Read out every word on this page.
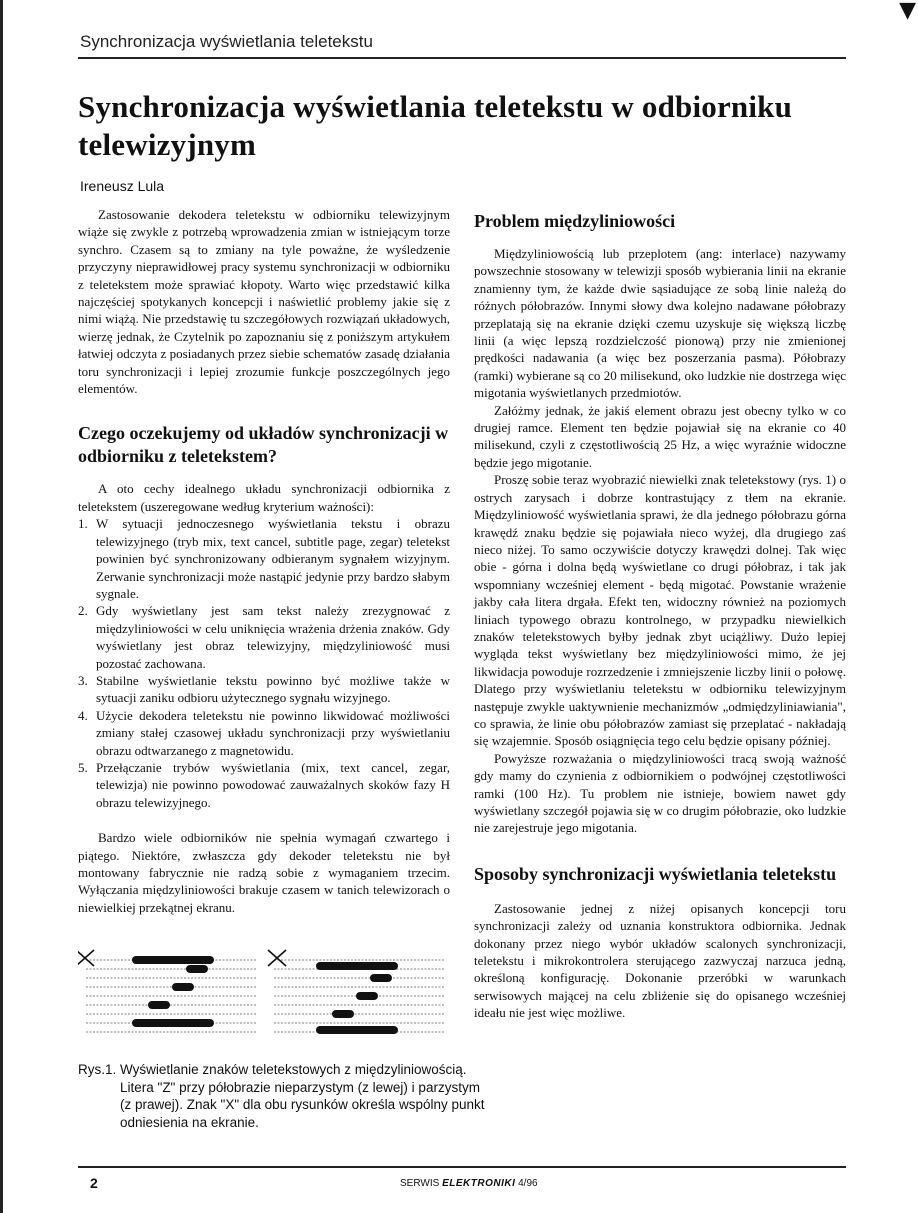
▼
Synchronizacja wyświetlania teletekstu
Synchronizacja wyświetlania teletekstu w odbiorniku telewizyjnym
Ireneusz Lula

Zastosowanie dekodera teletekstu w odbiorniku telewizyjnym wiąże się zwykle z potrzebą wprowadzenia zmian w istniejącym torze synchro. Czasem są to zmiany na tyle poważne, że wyśledzenie przyczyny nieprawidłowej pracy systemu synchronizacji w odbiorniku z teletekstem może sprawiać kłopoty. Warto więc przedstawić kilka najczęściej spotykanych koncepcji i naświetlić problemy jakie się z nimi wiążą. Nie przedstawię tu szczegółowych rozwiązań układowych, wierzę jednak, że Czytelnik po zapoznaniu się z poniższym artykułem łatwiej odczyta z posiadanych przez siebie schematów zasadę działania toru synchronizacji i lepiej zrozumie funkcje poszczególnych jego elementów.

Czego oczekujemy od układów synchronizacji w odbiorniku z teletekstem?

A oto cechy idealnego układu synchronizacji odbiornika z teletekstem (uszeregowane według kryterium ważności):

1. W sytuacji jednoczesnego wyświetlania tekstu i obrazu telewizyjnego (tryb mix, text cancel, subtitle page, zegar) teletekst powinien być synchronizowany odbieranym sygnałem wizyjnym. Zerwanie synchronizacji może nastąpić jedynie przy bardzo słabym sygnale.
2. Gdy wyświetlany jest sam tekst należy zrezygnować z międzyliniowości w celu uniknięcia wrażenia drżenia znaków. Gdy wyświetlany jest obraz telewizyjny, międzyliniowość musi pozostać zachowana.
3. Stabilne wyświetlanie tekstu powinno być możliwe także w sytuacji zaniku odbioru użytecznego sygnału wizyjnego.
4. Użycie dekodera teletekstu nie powinno likwidować możliwości zmiany stałej czasowej układu synchronizacji przy wyświetlaniu obrazu odtwarzanego z magnetowidu.
5. Przełączanie trybów wyświetlania (mix, text cancel, zegar, telewizja) nie powinno powodować zauważalnych skoków fazy H obrazu telewizyjnego.

Bardzo wiele odbiorników nie spełnia wymagań czwartego i piątego. Niektóre, zwłaszcza gdy dekoder teletekstu nie był montowany fabrycznie nie radzą sobie z wymaganiem trzecim. Wyłączania międzyliniowości brakuje czasem w tanich telewizorach o niewielkiej przekątnej ekranu.

Rys.1. Wyświetlanie znaków teletekstowych z międzyliniowością. Litera "Z" przy półobrazie nieparzystym (z lewej) i parzystym (z prawej). Znak "X" dla obu rysunków określa wspólny punkt odniesienia na ekranie.
Problem międzyliniowości

Międzyliniowością lub przeplotem (ang: interlace) nazywamy powszechnie stosowany w telewizji sposób wybierania linii na ekranie znamienny tym, że każde dwie sąsiadujące ze sobą linie należą do różnych półobrazów. Innymi słowy dwa kolejno nadawane półobrazy przeplatają się na ekranie dzięki czemu uzyskuje się większą liczbę linii (a więc lepszą rozdzielczość pionową) przy nie zmienionej prędkości nadawania (a więc bez poszerzania pasma). Półobrazy (ramki) wybierane są co 20 milisekund, oko ludzkie nie dostrzega więc migotania wyświetlanych przedmiotów.

Załóżmy jednak, że jakiś element obrazu jest obecny tylko w co drugiej ramce. Element ten będzie pojawiał się na ekranie co 40 milisekund, czyli z częstotliwością 25 Hz, a więc wyraźnie widoczne będzie jego migotanie.

Proszę sobie teraz wyobrazić niewielki znak teletekstowy (rys. 1) o ostrych zarysach i dobrze kontrastujący z tłem na ekranie. Międzyliniowość wyświetlania sprawi, że dla jednego półobrazu górna krawędź znaku będzie się pojawiała nieco wyżej, dla drugiego zaś nieco niżej. To samo oczywiście dotyczy krawędzi dolnej. Tak więc obie - górna i dolna będą wyświetlane co drugi półobraz, i tak jak wspomniany wcześniej element - będą migotać. Powstanie wrażenie jakby cała litera drgała. Efekt ten, widoczny również na poziomych liniach typowego obrazu kontrolnego, w przypadku niewielkich znaków teletekstowych byłby jednak zbyt uciążliwy. Dużo lepiej wygląda tekst wyświetlany bez międzyliniowości mimo, że jej likwidacja powoduje rozrzedzenie i zmniejszenie liczby linii o połowę. Dlatego przy wyświetlaniu teletekstu w odbiorniku telewizyjnym następuje zwykle uaktywnienie mechanizmów „odmiędzyliniawiania", co sprawia, że linie obu półobrazów zamiast się przeplatać - nakładają się wzajemnie. Sposób osiągnięcia tego celu będzie opisany później.

Powyższe rozważania o międzyliniowości tracą swoją ważność gdy mamy do czynienia z odbiornikiem o podwójnej częstotliwości ramki (100 Hz). Tu problem nie istnieje, bowiem nawet gdy wyświetlany szczegół pojawia się w co drugim półobrazie, oko ludzkie nie zarejestruje jego migotania.

Sposoby synchronizacji wyświetlania teletekstu

Zastosowanie jednej z niżej opisanych koncepcji toru synchronizacji zależy od uznania konstruktora odbiornika. Jednak dokonany przez niego wybór układów scalonych synchronizacji, teletekstu i mikrokontrolera sterującego zazwyczaj narzuca jedną, określoną konfigurację. Dokonanie przeróbki w warunkach serwisowych mającej na celu zbliżenie się do opisanego wcześniej ideału nie jest więc możliwe.

2	SERWIS ELEKTRONIKI 4/96
